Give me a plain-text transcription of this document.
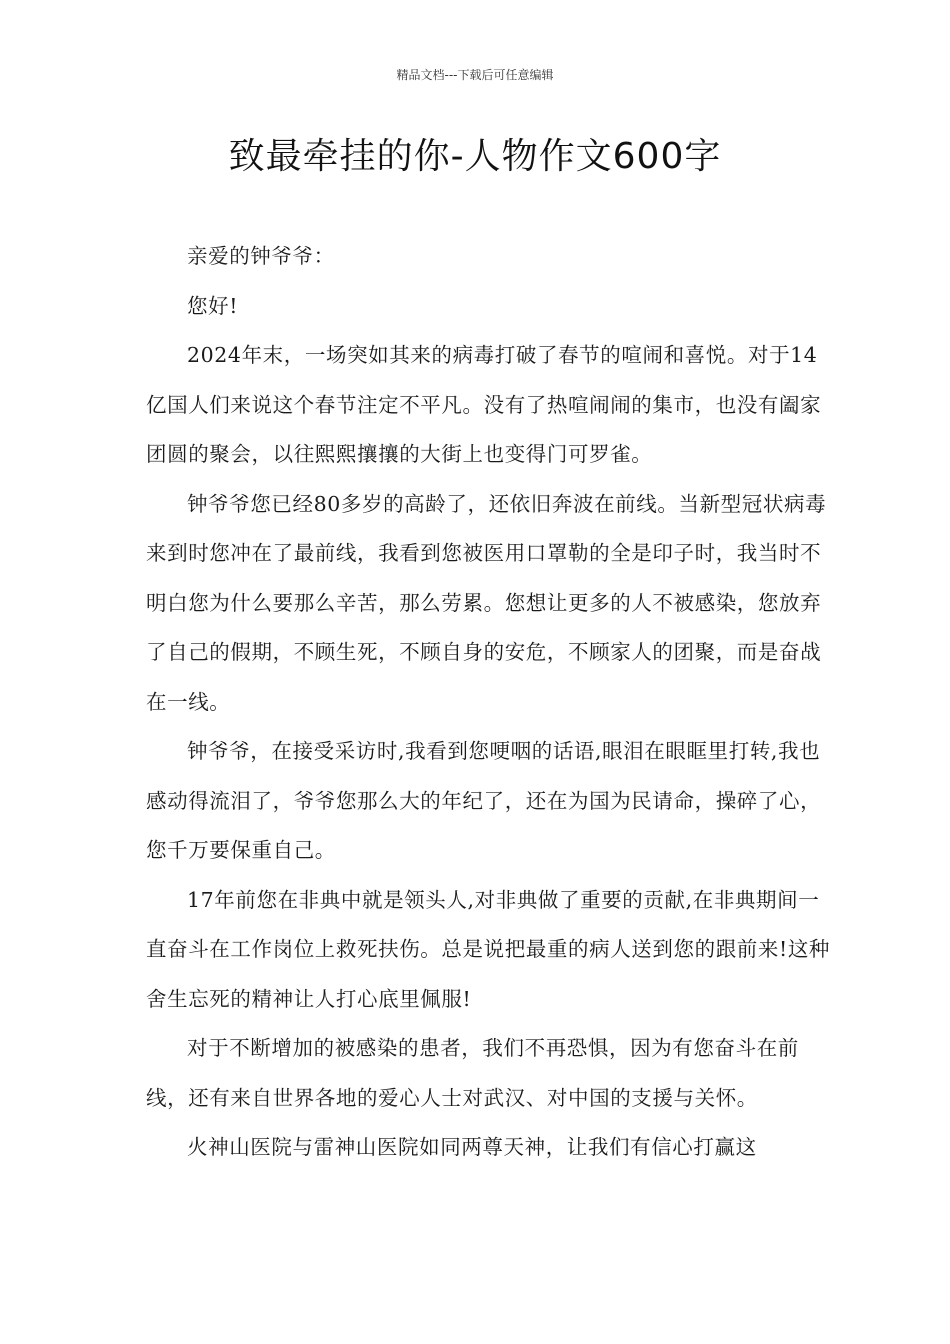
精品文档---下载后可任意编辑
致最牵挂的你-人物作文600字

亲爱的钟爷爷：

您好!

2024年末，一场突如其来的病毒打破了春节的喧闹和喜悦。对于14亿国人们来说这个春节注定不平凡。没有了热喧闹闹的集市，也没有阖家团圆的聚会，以往熙熙攘攘的大街上也变得门可罗雀。

钟爷爷您已经80多岁的高龄了，还依旧奔波在前线。当新型冠状病毒来到时您冲在了最前线，我看到您被医用口罩勒的全是印子时，我当时不明白您为什么要那么辛苦，那么劳累。您想让更多的人不被感染，您放弃了自己的假期，不顾生死，不顾自身的安危，不顾家人的团聚，而是奋战在一线。

钟爷爷，在接受采访时,我看到您哽咽的话语,眼泪在眼眶里打转,我也感动得流泪了，爷爷您那么大的年纪了，还在为国为民请命，操碎了心，您千万要保重自己。

17年前您在非典中就是领头人,对非典做了重要的贡献,在非典期间一直奋斗在工作岗位上救死扶伤。总是说把最重的病人送到您的跟前来!这种舍生忘死的精神让人打心底里佩服!

对于不断增加的被感染的患者，我们不再恐惧，因为有您奋斗在前线，还有来自世界各地的爱心人士对武汉、对中国的支援与关怀。

火神山医院与雷神山医院如同两尊天神，让我们有信心打赢这
